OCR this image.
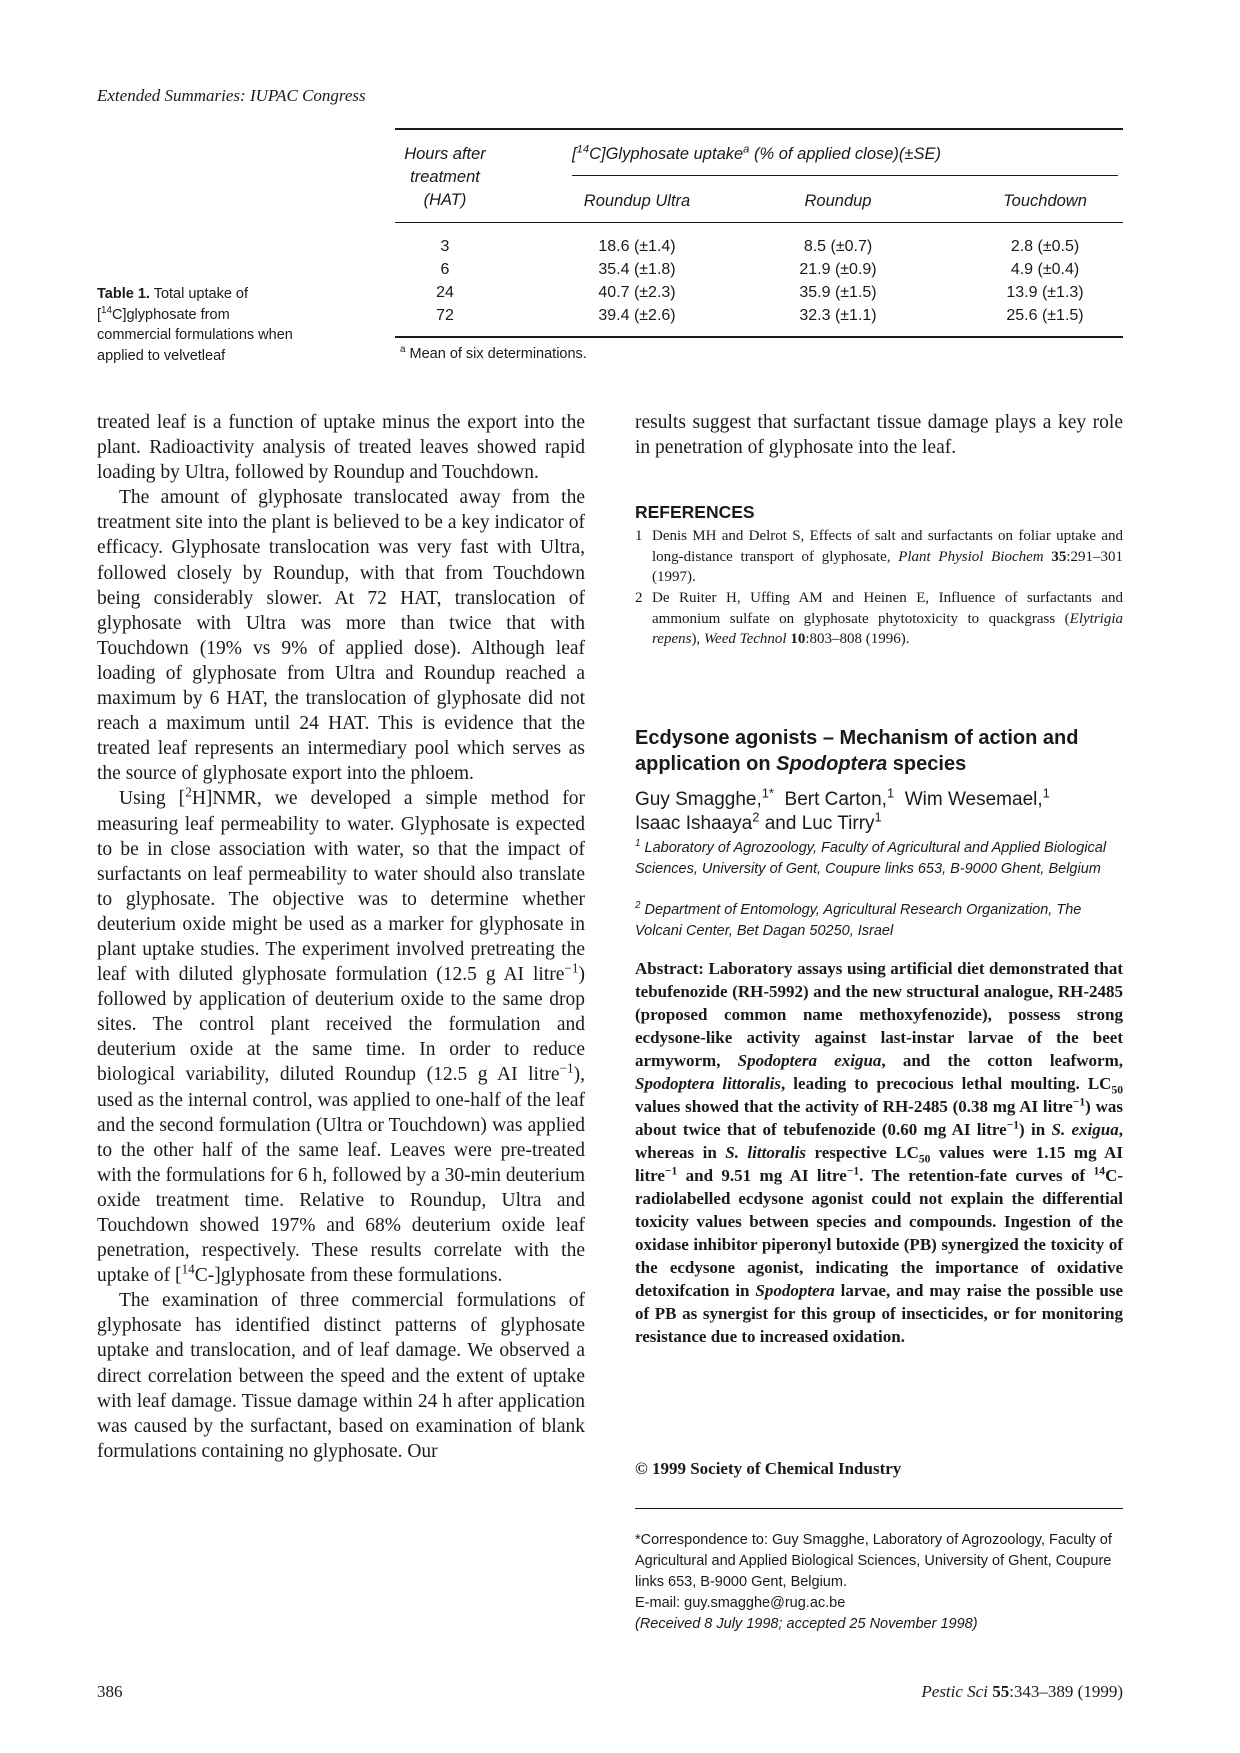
Extended Summaries: IUPAC Congress
Table 1. Total uptake of [$^{14}$C]glyphosate from commercial formulations when applied to velvetleaf
Hours after
treatment
(HAT)
[$^{14}$C]Glyphosate uptake$^a$ (% of applied close)(±SE)
Roundup Ultra	Roundup	Touchdown
3	18.6 (±1.4)	8.5 (±0.7)	2.8 (±0.5)
6	35.4 (±1.8)	21.9 (±0.9)	4.9 (±0.4)
24	40.7 (±2.3)	35.9 (±1.5)	13.9 (±1.3)
72	39.4 (±2.6)	32.3 (±1.1)	25.6 (±1.5)
$^a$ Mean of six determinations.

treated leaf is a function of uptake minus the export into the plant. Radioactivity analysis of treated leaves showed rapid loading by Ultra, followed by Roundup and Touchdown.

The amount of glyphosate translocated away from the treatment site into the plant is believed to be a key indicator of efficacy. Glyphosate translocation was very fast with Ultra, followed closely by Roundup, with that from Touchdown being considerably slower. At 72 HAT, translocation of glyphosate with Ultra was more than twice that with Touchdown (19% vs 9% of applied dose). Although leaf loading of glyphosate from Ultra and Roundup reached a maximum by 6 HAT, the translocation of glyphosate did not reach a maximum until 24 HAT. This is evidence that the treated leaf represents an intermediary pool which serves as the source of glyphosate export into the phloem.

Using [$^2$H]NMR, we developed a simple method for measuring leaf permeability to water. Glyphosate is expected to be in close association with water, so that the impact of surfactants on leaf permeability to water should also translate to glyphosate. The objective was to determine whether deuterium oxide might be used as a marker for glyphosate in plant uptake studies. The experiment involved pretreating the leaf with diluted glyphosate formulation (12.5 g AI litre$^{-1}$) followed by application of deuterium oxide to the same drop sites. The control plant received the formulation and deuterium oxide at the same time. In order to reduce biological variability, diluted Roundup (12.5 g AI litre$^{-1}$), used as the internal control, was applied to one-half of the leaf and the second formulation (Ultra or Touchdown) was applied to the other half of the same leaf. Leaves were pre-treated with the formulations for 6 h, followed by a 30-min deuterium oxide treatment time. Relative to Roundup, Ultra and Touchdown showed 197% and 68% deuterium oxide leaf penetration, respectively. These results correlate with the uptake of [$^{14}$C-]glyphosate from these formulations.

The examination of three commercial formulations of glyphosate has identified distinct patterns of glyphosate uptake and translocation, and of leaf damage. We observed a direct correlation between the speed and the extent of uptake with leaf damage. Tissue damage within 24 h after application was caused by the surfactant, based on examination of blank formulations containing no glyphosate. Our

results suggest that surfactant tissue damage plays a key role in penetration of glyphosate into the leaf.

REFERENCES
1 Denis MH and Delrot S, Effects of salt and surfactants on foliar uptake and long-distance transport of glyphosate, Plant Physiol Biochem 35:291–301 (1997).
2 De Ruiter H, Uffing AM and Heinen E, Influence of surfactants and ammonium sulfate on glyphosate phytotoxicity to quackgrass (Elytrigia repens), Weed Technol 10:803–808 (1996).
Ecdysone agonists – Mechanism of action and application on Spodoptera species
Guy Smagghe,$^{1*}$ Bert Carton,$^1$ Wim Wesemael,$^1$
Isaac Ishaaya$^2$ and Luc Tirry$^1$
$^1$ Laboratory of Agrozoology, Faculty of Agricultural and Applied Biological Sciences, University of Gent, Coupure links 653, B-9000 Ghent, Belgium
$^2$ Department of Entomology, Agricultural Research Organization, The Volcani Center, Bet Dagan 50250, Israel
Abstract: Laboratory assays using artificial diet demonstrated that tebufenozide (RH-5992) and the new structural analogue, RH-2485 (proposed common name methoxyfenozide), possess strong ecdysone-like activity against last-instar larvae of the beet armyworm, Spodoptera exigua, and the cotton leafworm, Spodoptera littoralis, leading to precocious lethal moulting. $LC_{50}$ values showed that the activity of RH-2485 (0.38 mg AI litre$^{-1}$) was about twice that of tebufenozide (0.60 mg AI litre$^{-1}$) in S. exigua, whereas in S. littoralis respective $LC_{50}$ values were 1.15 mg AI litre$^{-1}$ and 9.51 mg AI litre$^{-1}$. The retention-fate curves of $^{14}$C-radiolabelled ecdysone agonist could not explain the differential toxicity values between species and compounds. Ingestion of the oxidase inhibitor piperonyl butoxide (PB) synergized the toxicity of the ecdysone agonist, indicating the importance of oxidative detoxifcation in Spodoptera larvae, and may raise the possible use of PB as synergist for this group of insecticides, or for monitoring resistance due to increased oxidation.
© 1999 Society of Chemical Industry
*Correspondence to: Guy Smagghe, Laboratory of Agrozoology, Faculty of Agricultural and Applied Biological Sciences, University of Ghent, Coupure links 653, B-9000 Gent, Belgium.
E-mail: guy.smagghe@rug.ac.be
(Received 8 July 1998; accepted 25 November 1998)
386	Pestic Sci 55:343–389 (1999)
